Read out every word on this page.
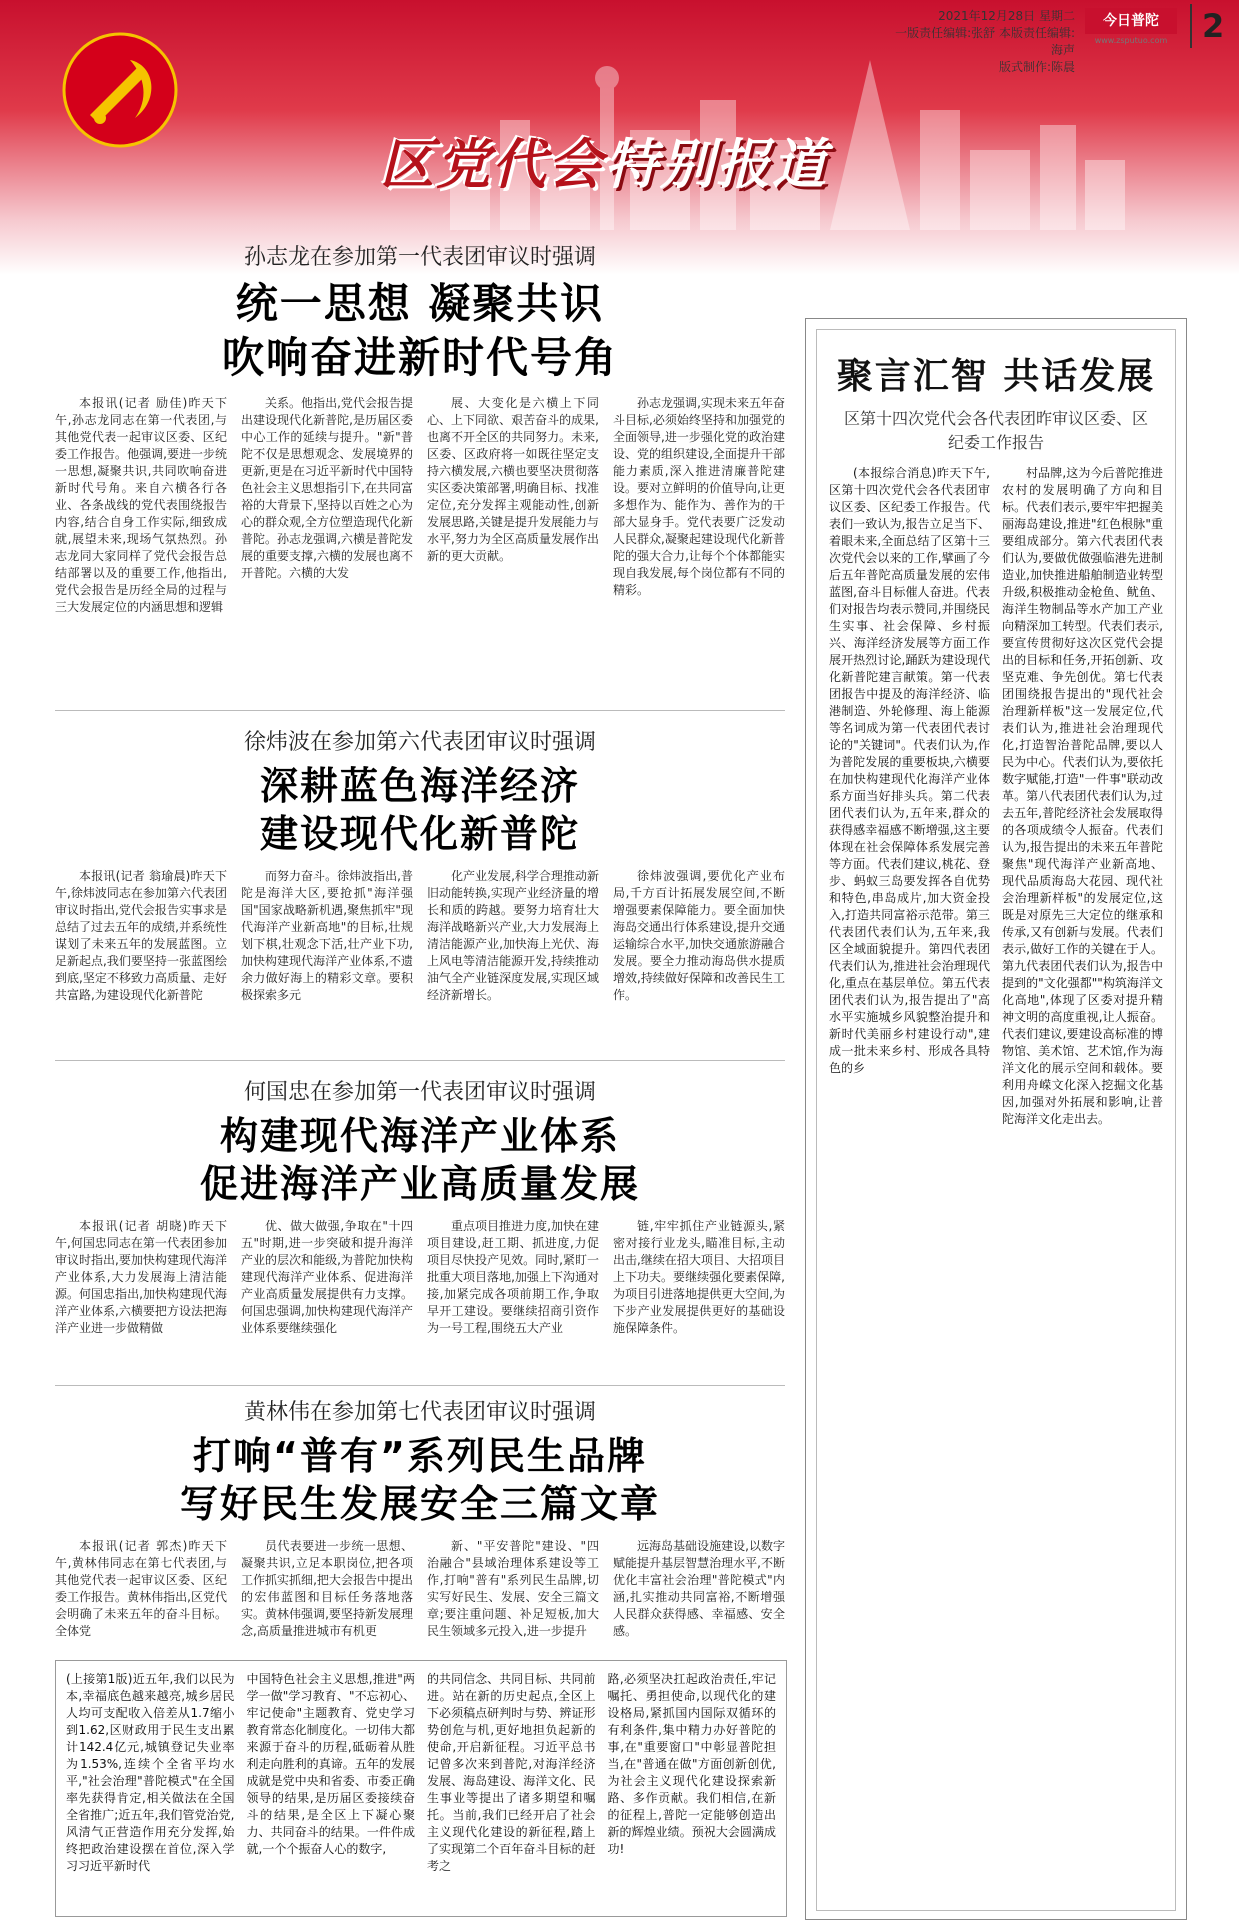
区党代会特别报道
2021年12月28日 星期二
一版责任编辑:张舒 本版责任编辑:海声
版式制作:陈晨
今日普陀
www.zsputuo.com	2
孙志龙在参加第一代表团审议时强调
统一思想 凝聚共识
吹响奋进新时代号角

本报讯(记者 励佳)昨天下午,孙志龙同志在第一代表团,与其他党代表一起审议区委、区纪委工作报告。他强调,要进一步统一思想,凝聚共识,共同吹响奋进新时代号角。来自六横各行各业、各条战线的党代表围绕报告内容,结合自身工作实际,细致成就,展望未来,现场气氛热烈。孙志龙同大家同样了党代会报告总结部署以及的重要工作,他指出,党代会报告是历经全局的过程与三大发展定位的内涵思想和逻辑

关系。他指出,党代会报告提出建设现代化新普陀,是历届区委中心工作的延续与提升。"新"普陀不仅是思想观念、发展境界的更新,更是在习近平新时代中国特色社会主义思想指引下,在共同富裕的大背景下,坚持以百姓之心为心的群众观,全方位塑造现代化新普陀。孙志龙强调,六横是普陀发展的重要支撑,六横的发展也离不开普陀。六横的大发

展、大变化是六横上下同心、上下同欲、艰苦奋斗的成果,也离不开全区的共同努力。未来,区委、区政府将一如既往坚定支持六横发展,六横也要坚决贯彻落实区委决策部署,明确目标、找准定位,充分发挥主观能动性,创新发展思路,关键是提升发展能力与水平,努力为全区高质量发展作出新的更大贡献。

孙志龙强调,实现未来五年奋斗目标,必须始终坚持和加强党的全面领导,进一步强化党的政治建设、党的组织建设,全面提升干部能力素质,深入推进清廉普陀建设。要对立鲜明的价值导向,让更多想作为、能作为、善作为的干部大显身手。党代表要广泛发动人民群众,凝聚起建设现代化新普陀的强大合力,让每个个体都能实现自我发展,每个岗位都有不同的精彩。

徐炜波在参加第六代表团审议时强调
深耕蓝色海洋经济
建设现代化新普陀

本报讯(记者 翁瑜晨)昨天下午,徐炜波同志在参加第六代表团审议时指出,党代会报告实事求是总结了过去五年的成绩,并系统性谋划了未来五年的发展蓝图。立足新起点,我们要坚持一张蓝图绘到底,坚定不移致力高质量、走好共富路,为建设现代化新普陀

而努力奋斗。徐炜波指出,普陀是海洋大区,要抢抓"海洋强国"国家战略新机遇,聚焦抓牢"现代海洋产业新高地"的目标,壮规划下棋,壮观念下活,壮产业下功,加快构建现代海洋产业体系,不遗余力做好海上的精彩文章。要积极探索多元

化产业发展,科学合理推动新旧动能转换,实现产业经济量的增长和质的跨越。要努力培育壮大海洋战略新兴产业,大力发展海上清洁能源产业,加快海上光伏、海上风电等清洁能源开发,持续推动油气全产业链深度发展,实现区域经济新增长。

徐炜波强调,要优化产业布局,千方百计拓展发展空间,不断增强要素保障能力。要全面加快海岛交通出行体系建设,提升交通运输综合水平,加快交通旅游融合发展。要全力推动海岛供水提质增效,持续做好保障和改善民生工作。

何国忠在参加第一代表团审议时强调
构建现代海洋产业体系
促进海洋产业高质量发展

本报讯(记者 胡晓)昨天下午,何国忠同志在第一代表团参加审议时指出,要加快构建现代海洋产业体系,大力发展海上清洁能源。何国忠指出,加快构建现代海洋产业体系,六横要把方设法把海洋产业进一步做精做

优、做大做强,争取在"十四五"时期,进一步突破和提升海洋产业的层次和能级,为普陀加快构建现代海洋产业体系、促进海洋产业高质量发展提供有力支撑。何国忠强调,加快构建现代海洋产业体系要继续强化

重点项目推进力度,加快在建项目建设,赶工期、抓进度,力促项目尽快投产见效。同时,紧盯一批重大项目落地,加强上下沟通对接,加紧完成各项前期工作,争取早开工建设。要继续招商引资作为一号工程,围绕五大产业

链,牢牢抓住产业链源头,紧密对接行业龙头,瞄准目标,主动出击,继续在招大项目、大招项目上下功夫。要继续强化要素保障,为项目引进落地提供更大空间,为下步产业发展提供更好的基础设施保障条件。

黄林伟在参加第七代表团审议时强调
打响“普有”系列民生品牌
写好民生发展安全三篇文章

本报讯(记者 郭杰)昨天下午,黄林伟同志在第七代表团,与其他党代表一起审议区委、区纪委工作报告。黄林伟指出,区党代会明确了未来五年的奋斗目标。全体党

员代表要进一步统一思想、凝聚共识,立足本职岗位,把各项工作抓实抓细,把大会报告中提出的宏伟蓝图和目标任务落地落实。黄林伟强调,要坚持新发展理念,高质量推进城市有机更

新、"平安普陀"建设、"四治融合"县域治理体系建设等工作,打响"普有"系列民生品牌,切实写好民生、发展、安全三篇文章;要注重问题、补足短板,加大民生领域多元投入,进一步提升

远海岛基础设施建设,以数字赋能提升基层智慧治理水平,不断优化丰富社会治理"普陀模式"内涵,扎实推动共同富裕,不断增强人民群众获得感、幸福感、安全感。

(上接第1版)近五年,我们以民为本,幸福底色越来越亮,城乡居民人均可支配收入倍差从1.7缩小到1.62,区财政用于民生支出累计142.4亿元,城镇登记失业率为1.53%,连续个全省平均水平,"社会治理"普陀模式"在全国率先获得肯定,相关做法在全国全省推广;近五年,我们管党治党,风清气正营造作用充分发挥,始终把政治建设摆在首位,深入学习习近平新时代

中国特色社会主义思想,推进"两学一做"学习教育、"不忘初心、牢记使命"主题教育、党史学习教育常态化制度化。一切伟大都来源于奋斗的历程,砥砺着从胜利走向胜利的真谛。五年的发展成就是党中央和省委、市委正确领导的结果,是历届区委接续奋斗的结果,是全区上下凝心聚力、共同奋斗的结果。一件件成就,一个个振奋人心的数字,

的共同信念、共同目标、共同前进。站在新的历史起点,全区上下必须稿点研判时与势、辨证形势创危与机,更好地担负起新的使命,开启新征程。习近平总书记曾多次来到普陀,对海洋经济发展、海岛建设、海洋文化、民生事业等提出了诸多期望和嘱托。当前,我们已经开启了社会主义现代化建设的新征程,踏上了实现第二个百年奋斗目标的赶考之

路,必须坚决扛起政治责任,牢记嘱托、勇担使命,以现代化的建设格局,紧抓国内国际双循环的有利条件,集中精力办好普陀的事,在"重要窗口"中彰显普陀担当,在"普通在做"方面创新创优,为社会主义现代化建设探索新路、多作贡献。我们相信,在新的征程上,普陀一定能够创造出新的辉煌业绩。预祝大会圆满成功!

聚言汇智 共话发展
区第十四次党代会各代表团昨审议区委、区纪委工作报告

(本报综合消息)昨天下午,区第十四次党代会各代表团审议区委、区纪委工作报告。代表们一致认为,报告立足当下、着眼未来,全面总结了区第十三次党代会以来的工作,擘画了今后五年普陀高质量发展的宏伟蓝图,奋斗目标催人奋进。代表们对报告均表示赞同,并围绕民生实事、社会保障、乡村振兴、海洋经济发展等方面工作展开热烈讨论,踊跃为建设现代化新普陀建言献策。第一代表团报告中提及的海洋经济、临港制造、外轮修理、海上能源等名词成为第一代表团代表讨论的"关键词"。代表们认为,作为普陀发展的重要板块,六横要在加快构建现代化海洋产业体系方面当好排头兵。第二代表团代表们认为,五年来,群众的获得感幸福感不断增强,这主要体现在社会保障体系发展完善等方面。代表们建议,桃花、登步、蚂蚁三岛要发挥各自优势和特色,串岛成片,加大资金投入,打造共同富裕示范带。第三代表团代表们认为,五年来,我区全域面貌提升。第四代表团代表们认为,推进社会治理现代化,重点在基层单位。第五代表团代表们认为,报告提出了"高水平实施城乡风貌整治提升和新时代美丽乡村建设行动",建成一批未来乡村、形成各具特色的乡

村品牌,这为今后普陀推进农村的发展明确了方向和目标。代表们表示,要牢牢把握美丽海岛建设,推进"红色根脉"重要组成部分。第六代表团代表们认为,要做优做强临港先进制造业,加快推进船舶制造业转型升级,积极推动金枪鱼、鱿鱼、海洋生物制品等水产加工产业向精深加工转型。代表们表示,要宣传贯彻好这次区党代会提出的目标和任务,开拓创新、攻坚克难、争先创优。第七代表团围绕报告提出的"现代社会治理新样板"这一发展定位,代表们认为,推进社会治理现代化,打造智治普陀品牌,要以人民为中心。代表们认为,要依托数字赋能,打造"一件事"联动改革。第八代表团代表们认为,过去五年,普陀经济社会发展取得的各项成绩令人振奋。代表们认为,报告提出的未来五年普陀聚焦"现代海洋产业新高地、现代品质海岛大花园、现代社会治理新样板"的发展定位,这既是对原先三大定位的继承和传承,又有创新与发展。代表们表示,做好工作的关键在于人。第九代表团代表们认为,报告中提到的"文化强都""构筑海洋文化高地",体现了区委对提升精神文明的高度重视,让人振奋。代表们建议,要建设高标准的博物馆、美术馆、艺术馆,作为海洋文化的展示空间和载体。要利用舟嵘文化深入挖掘文化基因,加强对外拓展和影响,让普陀海洋文化走出去。
